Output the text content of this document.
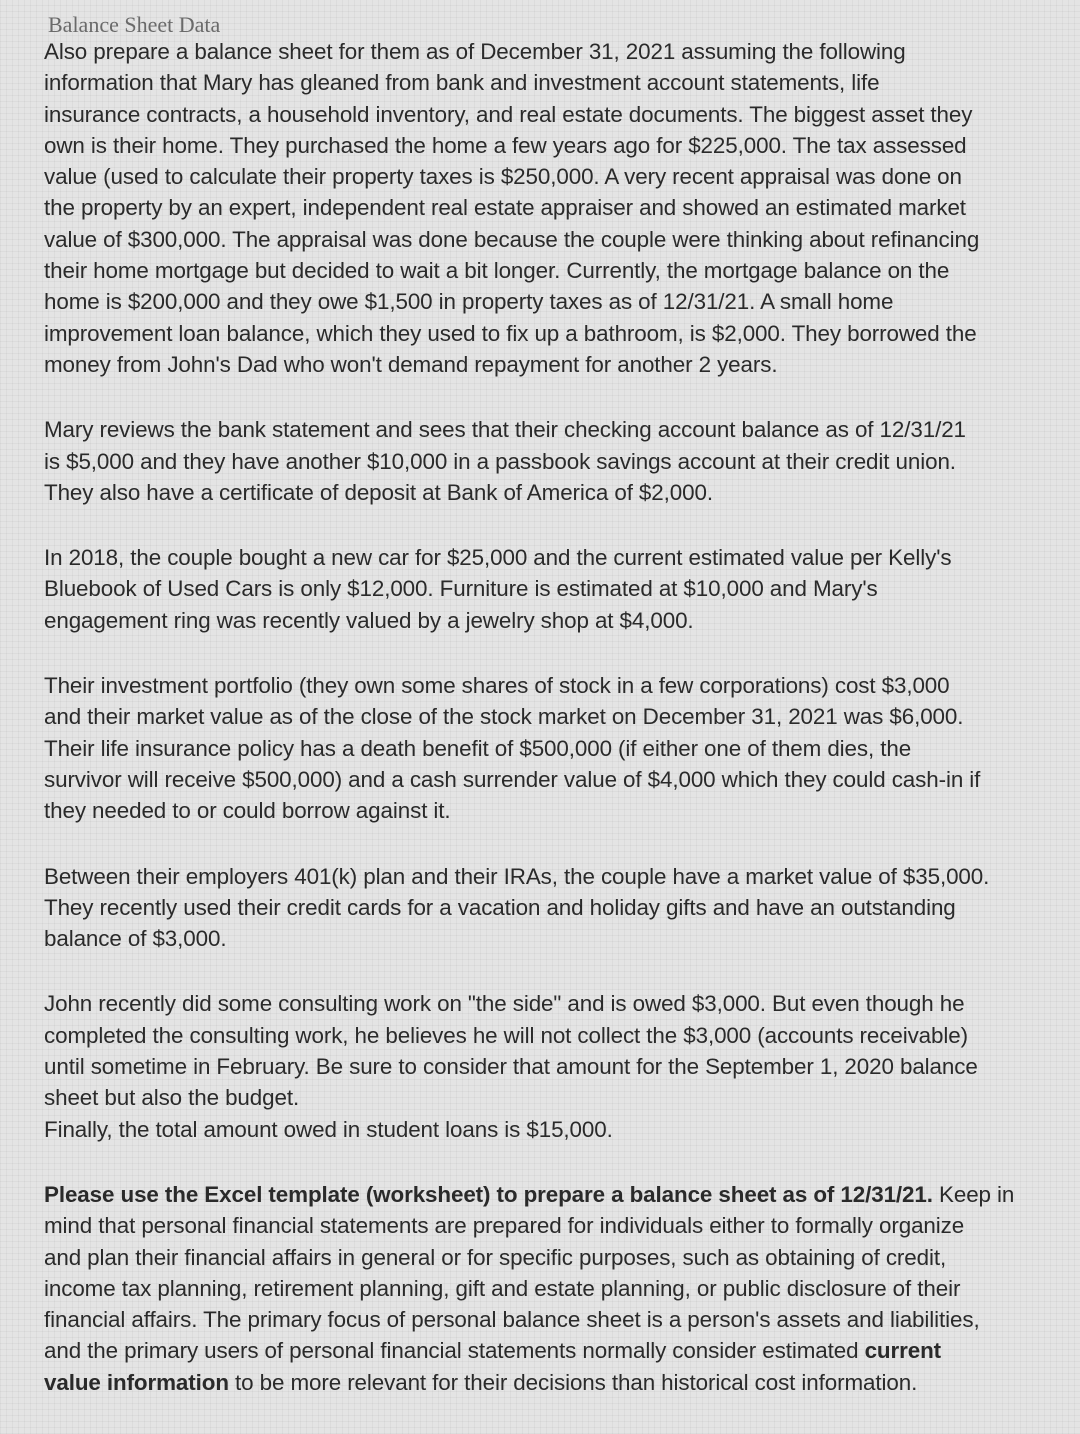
Balance Sheet Data

Also prepare a balance sheet for them as of December 31, 2021 assuming the following
information that Mary has gleaned from bank and investment account statements, life
insurance contracts, a household inventory, and real estate documents. The biggest asset they
own is their home. They purchased the home a few years ago for $225,000. The tax assessed
value (used to calculate their property taxes is $250,000. A very recent appraisal was done on
the property by an expert, independent real estate appraiser and showed an estimated market
value of $300,000. The appraisal was done because the couple were thinking about refinancing
their home mortgage but decided to wait a bit longer. Currently, the mortgage balance on the
home is $200,000 and they owe $1,500 in property taxes as of 12/31/21. A small home
improvement loan balance, which they used to fix up a bathroom, is $2,000. They borrowed the
money from John's Dad who won't demand repayment for another 2 years.

Mary reviews the bank statement and sees that their checking account balance as of 12/31/21
is $5,000 and they have another $10,000 in a passbook savings account at their credit union.
They also have a certificate of deposit at Bank of America of $2,000.

In 2018, the couple bought a new car for $25,000 and the current estimated value per Kelly's
Bluebook of Used Cars is only $12,000. Furniture is estimated at $10,000 and Mary's
engagement ring was recently valued by a jewelry shop at $4,000.

Their investment portfolio (they own some shares of stock in a few corporations) cost $3,000
and their market value as of the close of the stock market on December 31, 2021 was $6,000.
Their life insurance policy has a death benefit of $500,000 (if either one of them dies, the
survivor will receive $500,000) and a cash surrender value of $4,000 which they could cash-in if
they needed to or could borrow against it.

Between their employers 401(k) plan and their IRAs, the couple have a market value of $35,000.
They recently used their credit cards for a vacation and holiday gifts and have an outstanding
balance of $3,000.

John recently did some consulting work on "the side" and is owed $3,000. But even though he
completed the consulting work, he believes he will not collect the $3,000 (accounts receivable)
until sometime in February. Be sure to consider that amount for the September 1, 2020 balance
sheet but also the budget.
Finally, the total amount owed in student loans is $15,000.

Please use the Excel template (worksheet) to prepare a balance sheet as of 12/31/21. Keep in
mind that personal financial statements are prepared for individuals either to formally organize
and plan their financial affairs in general or for specific purposes, such as obtaining of credit,
income tax planning, retirement planning, gift and estate planning, or public disclosure of their
financial affairs. The primary focus of personal balance sheet is a person's assets and liabilities,
and the primary users of personal financial statements normally consider estimated current
value information to be more relevant for their decisions than historical cost information.
